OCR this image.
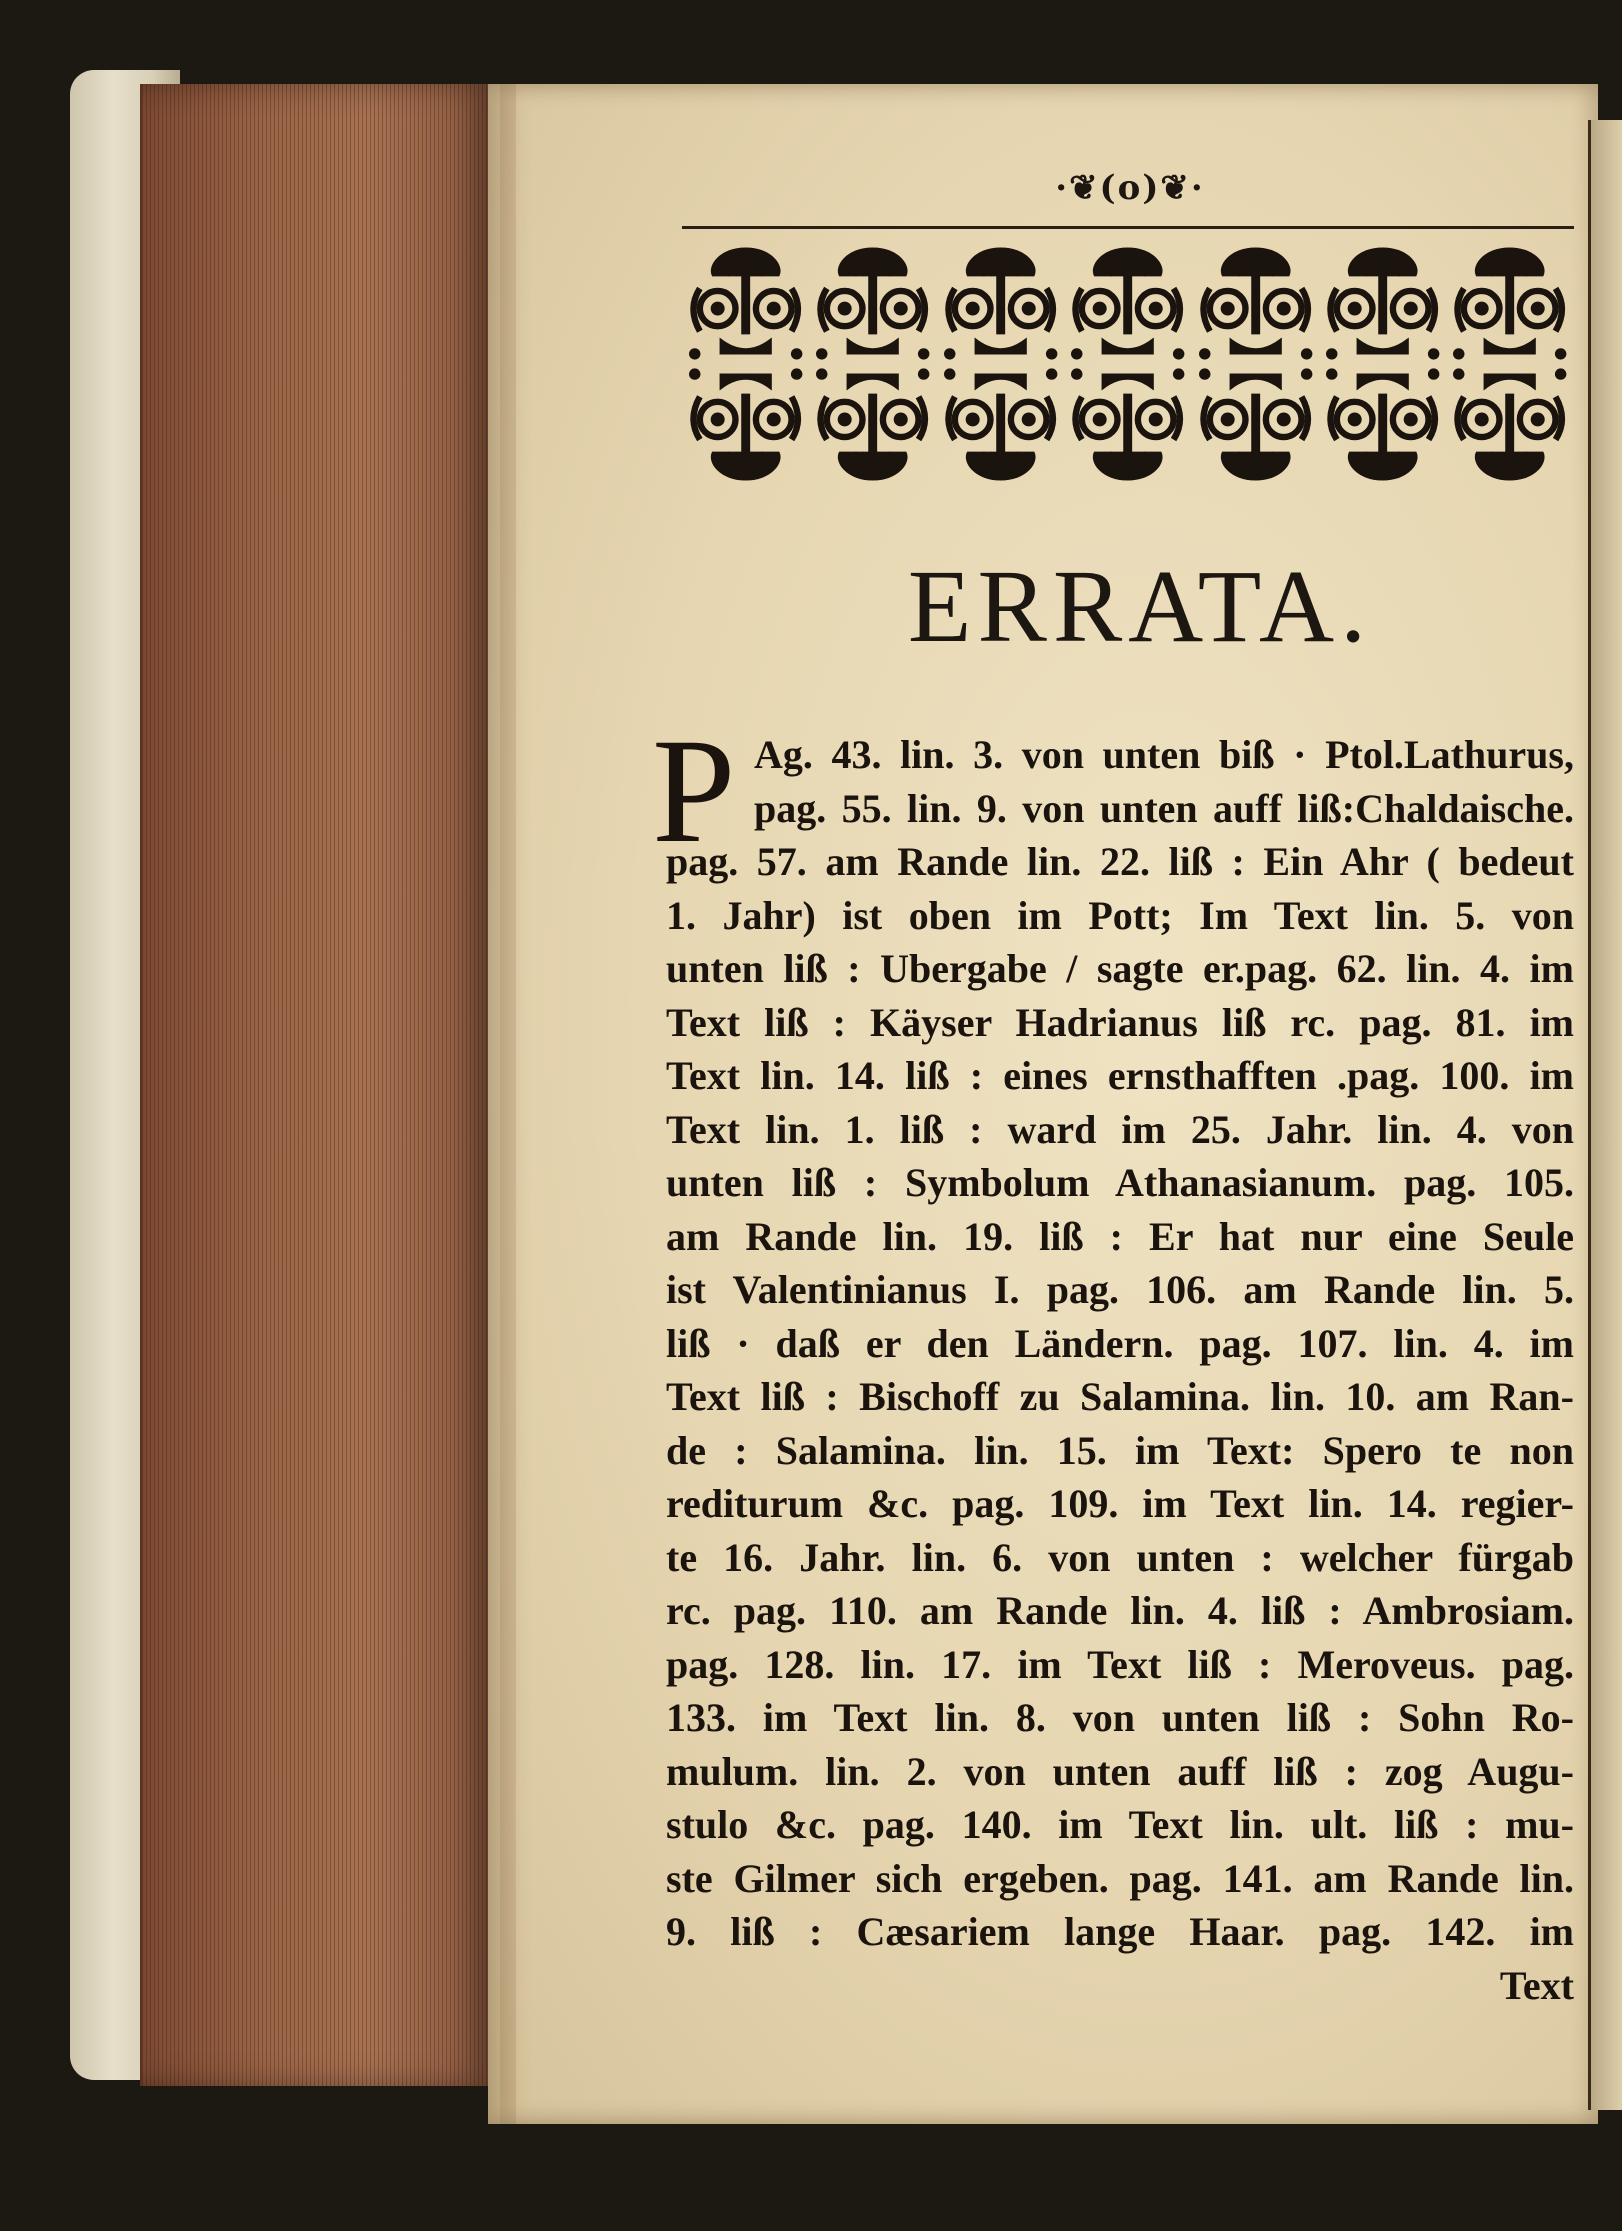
·❦(o)❦·
ERRATA.
P Ag. 43. lin. 3. von unten biß · Ptol.Lathurus,
pag. 55. lin. 9. von unten auff liß:Chaldaische.
pag. 57. am Rande lin. 22. liß : Ein Ahr ( bedeut
1. Jahr) ist oben im Pott; Im Text lin. 5. von
unten liß : Ubergabe / sagte er.pag. 62. lin. 4. im
Text liß : Käyser Hadrianus liß rc. pag. 81. im
Text lin. 14. liß : eines ernsthafften .pag. 100. im
Text lin. 1. liß : ward im 25. Jahr. lin. 4. von
unten liß : Symbolum Athanasianum. pag. 105.
am Rande lin. 19. liß : Er hat nur eine Seule
ist Valentinianus I. pag. 106. am Rande lin. 5.
liß · daß er den Ländern. pag. 107. lin. 4. im
Text liß : Bischoff zu Salamina. lin. 10. am Ran-
de : Salamina. lin. 15. im Text: Spero te non
rediturum &c. pag. 109. im Text lin. 14. regier-
te 16. Jahr. lin. 6. von unten : welcher fürgab
rc. pag. 110. am Rande lin. 4. liß : Ambrosiam.
pag. 128. lin. 17. im Text liß : Meroveus. pag.
133. im Text lin. 8. von unten liß : Sohn Ro-
mulum. lin. 2. von unten auff liß : zog Augu-
stulo &c. pag. 140. im Text lin. ult. liß : mu-
ste Gilmer sich ergeben. pag. 141. am Rande lin.
9. liß : Cæsariem lange Haar. pag. 142. im
Text
